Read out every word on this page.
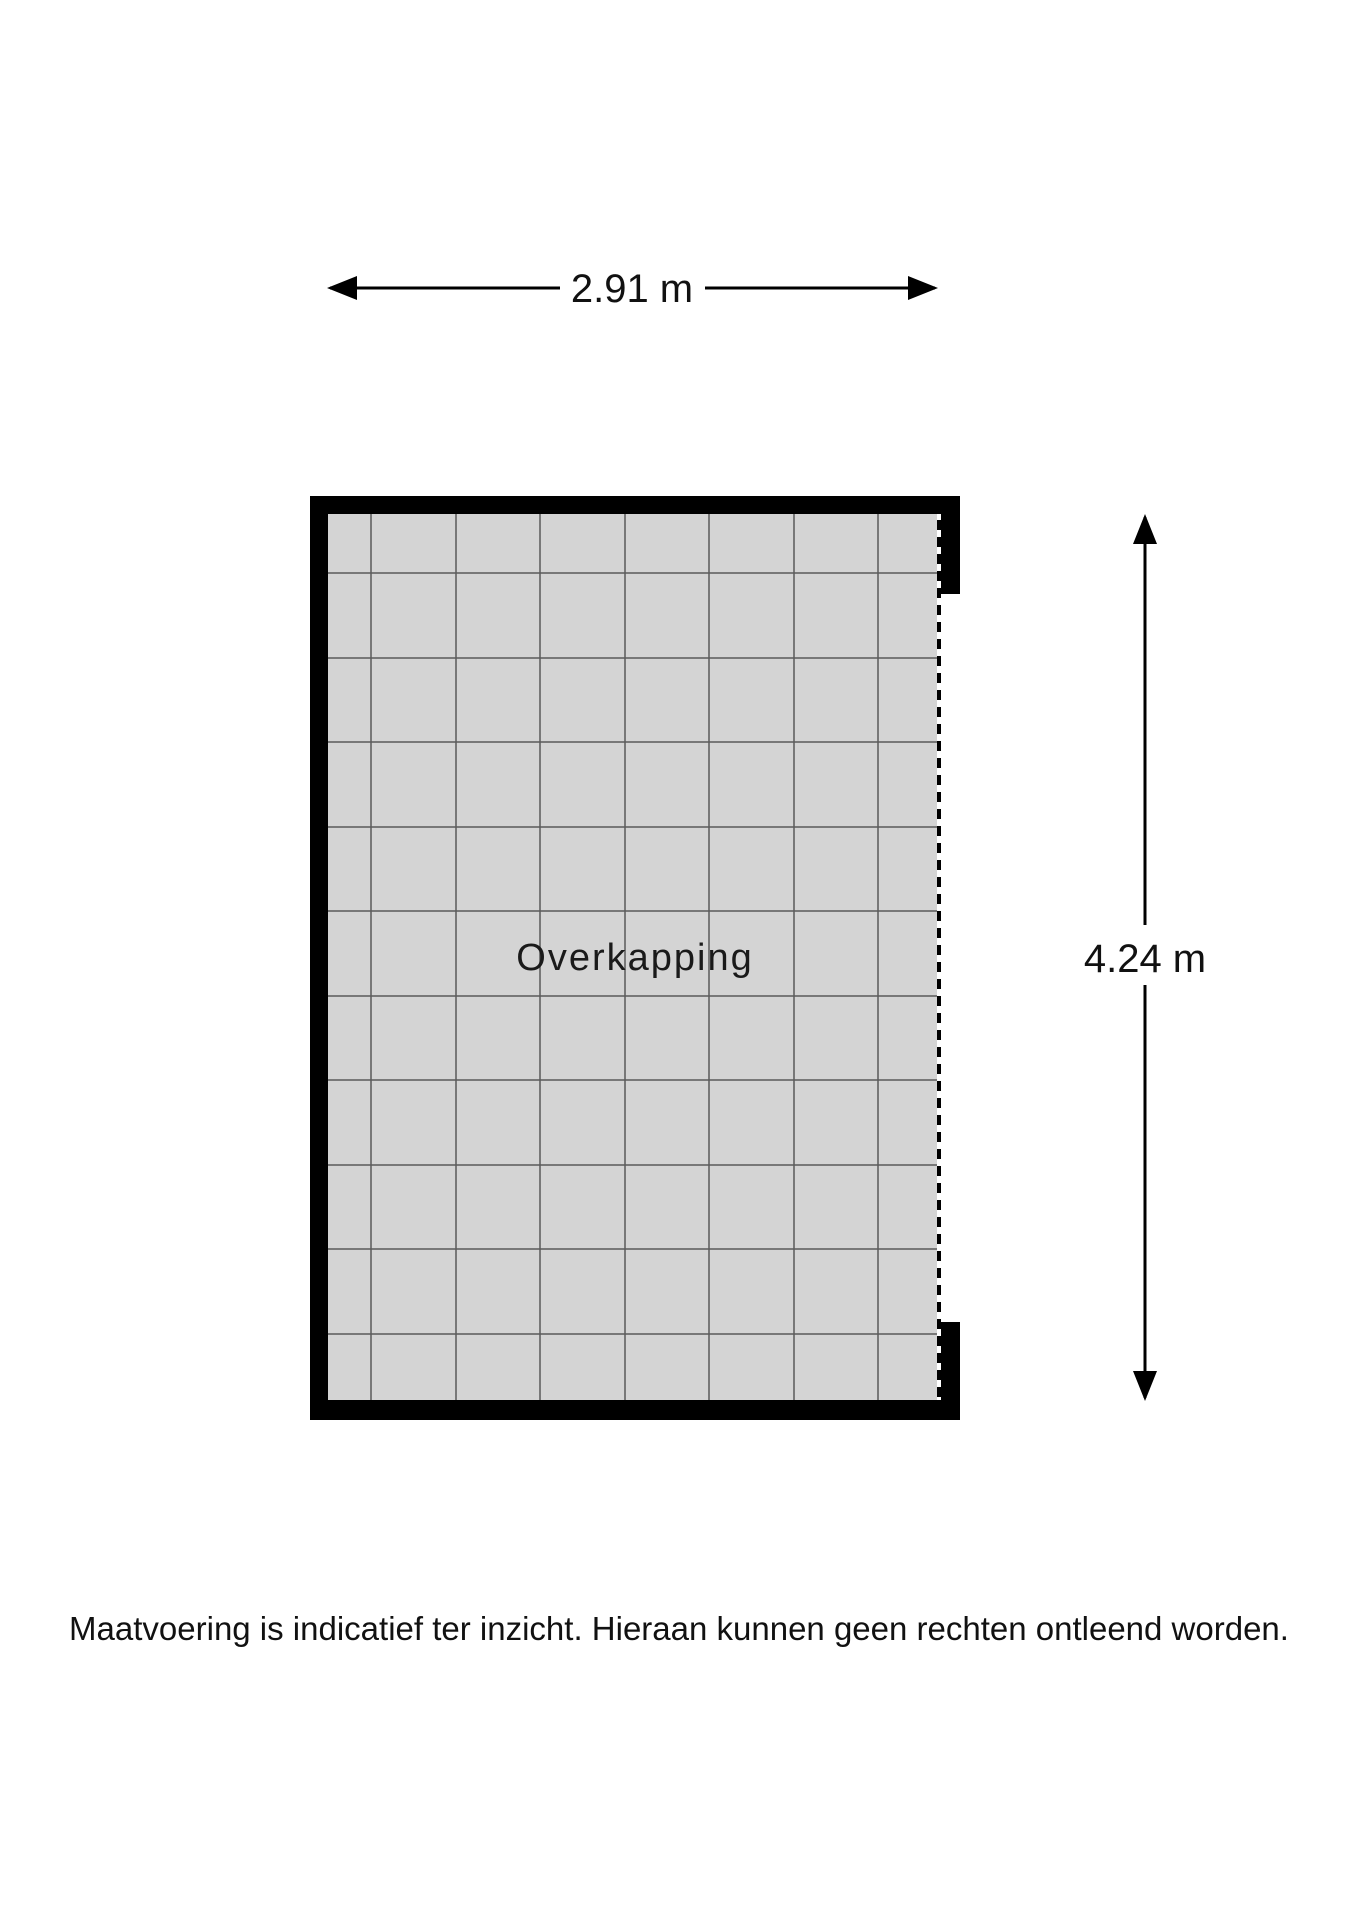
2.91 m
4.24 m
Overkapping
Maatvoering is indicatief ter inzicht. Hieraan kunnen geen rechten ontleend worden.
